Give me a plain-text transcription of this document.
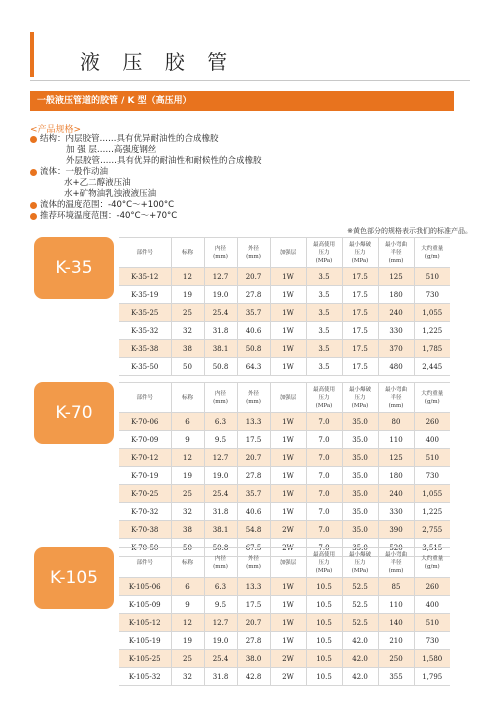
液 压 胶 管
一般液压管道的胶管 / K 型（高压用）
<产品规格>
结构：内层胶管……具有优异耐油性的合成橡胶
加 强 层……高强度钢丝
外层胶管……具有优异的耐油性和耐候性的合成橡胶
流体：一般作动油
水+乙二醇液压油
水+矿物油乳浊液液压油
流体的温度范围：-40°C～+100°C
推荐环境温度范围：-40°C～+70°C
※黄色部分的规格表示我们的标准产品。
K-35
部件号	标称	内径
(mm)	外径
(mm)	加强层	最高使用
压力
(MPa)	最小爆破
压力
(MPa)	最小弯曲
半径
(mm)	大约重量
(g/m)
K-35-12	12	12.7	20.7	1W	3.5	17.5	125	510
K-35-19	19	19.0	27.8	1W	3.5	17.5	180	730
K-35-25	25	25.4	35.7	1W	3.5	17.5	240	1,055
K-35-32	32	31.8	40.6	1W	3.5	17.5	330	1,225
K-35-38	38	38.1	50.8	1W	3.5	17.5	370	1,785
K-35-50	50	50.8	64.3	1W	3.5	17.5	480	2,445
K-70
部件号	标称	内径
(mm)	外径
(mm)	加强层	最高使用
压力
(MPa)	最小爆破
压力
(MPa)	最小弯曲
半径
(mm)	大约重量
(g/m)
K-70-06	6	6.3	13.3	1W	7.0	35.0	80	260
K-70-09	9	9.5	17.5	1W	7.0	35.0	110	400
K-70-12	12	12.7	20.7	1W	7.0	35.0	125	510
K-70-19	19	19.0	27.8	1W	7.0	35.0	180	730
K-70-25	25	25.4	35.7	1W	7.0	35.0	240	1,055
K-70-32	32	31.8	40.6	1W	7.0	35.0	330	1,225
K-70-38	38	38.1	54.8	2W	7.0	35.0	390	2,755
K-70-50	50	50.8	67.5	2W	7.0	35.0	520	3,515
K-105
部件号	标称	内径
(mm)	外径
(mm)	加强层	最高使用
压力
(MPa)	最小爆破
压力
(MPa)	最小弯曲
半径
(mm)	大约重量
(g/m)
K-105-06	6	6.3	13.3	1W	10.5	52.5	85	260
K-105-09	9	9.5	17.5	1W	10.5	52.5	110	400
K-105-12	12	12.7	20.7	1W	10.5	52.5	140	510
K-105-19	19	19.0	27.8	1W	10.5	42.0	210	730
K-105-25	25	25.4	38.0	2W	10.5	42.0	250	1,580
K-105-32	32	31.8	42.8	2W	10.5	42.0	355	1,795
